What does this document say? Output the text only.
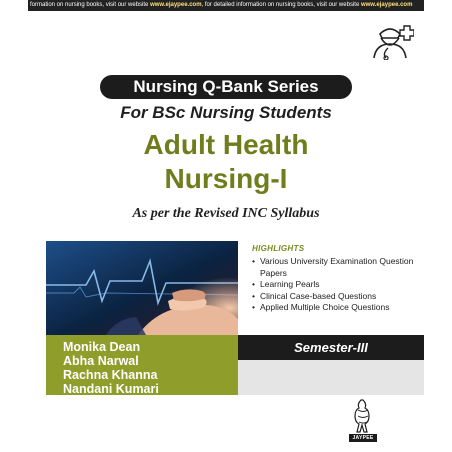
formation on nursing books, visit our website www.ejaypee.com, for detailed information on nursing books, visit our website www.ejaypee.com
Nursing Q-Bank Series
For BSc Nursing Students
Adult Health
Nursing-I
As per the Revised INC Syllabus
HIGHLIGHTS
• Various University Examination Question Papers
• Learning Pearls
• Clinical Case-based Questions
• Applied Multiple Choice Questions
Monika Dean
Abha Narwal
Rachna Khanna
Nandani Kumari
Semester-III
JAYPEE
